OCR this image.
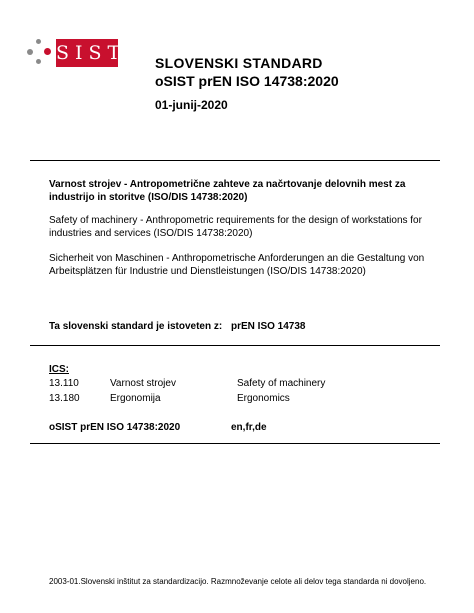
SIST SLOVENSKI STANDARD
oSIST prEN ISO 14738:2020
01-junij-2020
Varnost strojev - Antropometrične zahteve za načrtovanje delovnih mest za industrijo in storitve (ISO/DIS 14738:2020)
Safety of machinery - Anthropometric requirements for the design of workstations for industries and services (ISO/DIS 14738:2020)
Sicherheit von Maschinen - Anthropometrische Anforderungen an die Gestaltung von Arbeitsplätzen für Industrie und Dienstleistungen (ISO/DIS 14738:2020)
Ta slovenski standard je istoveten z: prEN ISO 14738
ICS:
13.110	Varnost strojev	Safety of machinery
13.180	Ergonomija	Ergonomics
oSIST prEN ISO 14738:2020	en,fr,de
2003-01.Slovenski inštitut za standardizacijo. Razmnoževanje celote ali delov tega standarda ni dovoljeno.
